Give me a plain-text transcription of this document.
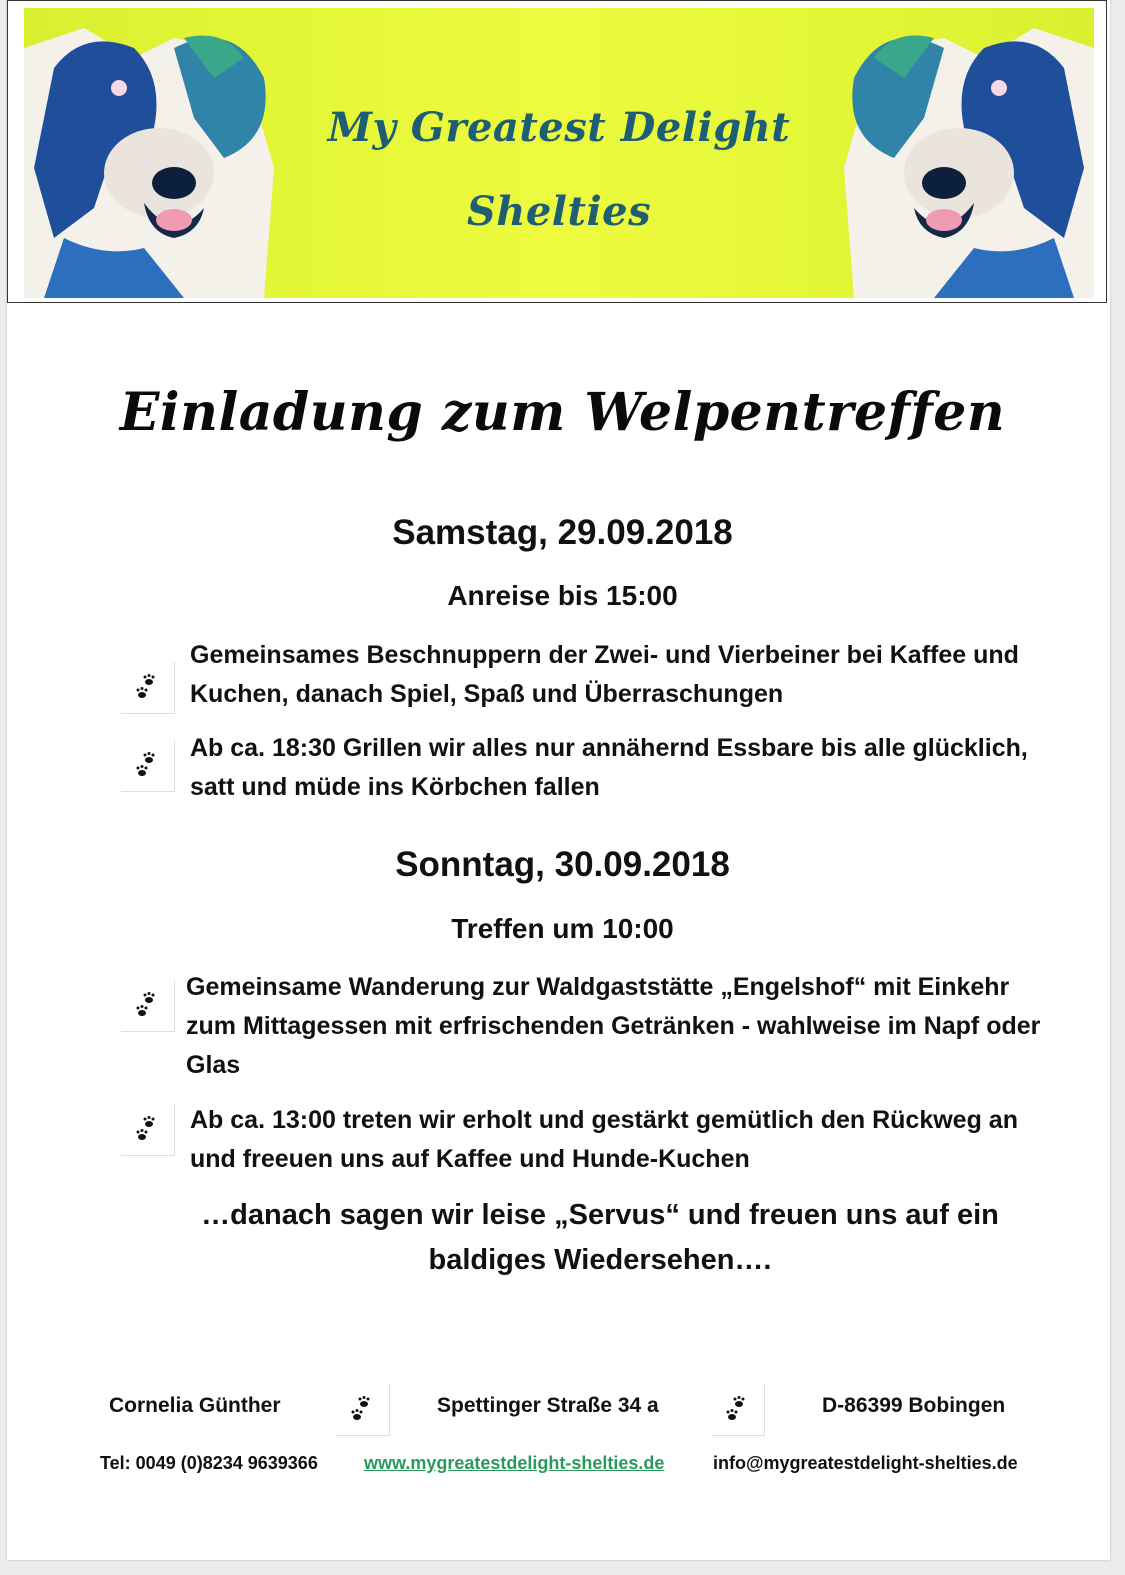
My Greatest Delight
Shelties
Einladung zum Welpentreffen
Samstag, 29.09.2018
Anreise bis 15:00
Gemeinsames Beschnuppern der Zwei- und Vierbeiner bei Kaffee und Kuchen, danach Spiel, Spaß und Überraschungen
Ab ca. 18:30 Grillen wir alles nur annähernd Essbare bis alle glücklich, satt und müde ins Körbchen fallen
Sonntag, 30.09.2018
Treffen um 10:00
Gemeinsame Wanderung zur Waldgaststätte „Engelshof“ mit Einkehr zum Mittagessen mit erfrischenden Getränken - wahlweise im Napf oder Glas
Ab ca. 13:00 treten wir erholt und gestärkt gemütlich den Rückweg an und freeuen uns auf Kaffee und Hunde-Kuchen
…danach sagen wir leise „Servus“ und freuen uns auf ein baldiges Wiedersehen….
Cornelia Günther	Spettinger Straße 34 a	D-86399 Bobingen
Tel: 0049 (0)8234 9639366	www.mygreatestdelight-shelties.de	info@mygreatestdelight-shelties.de
